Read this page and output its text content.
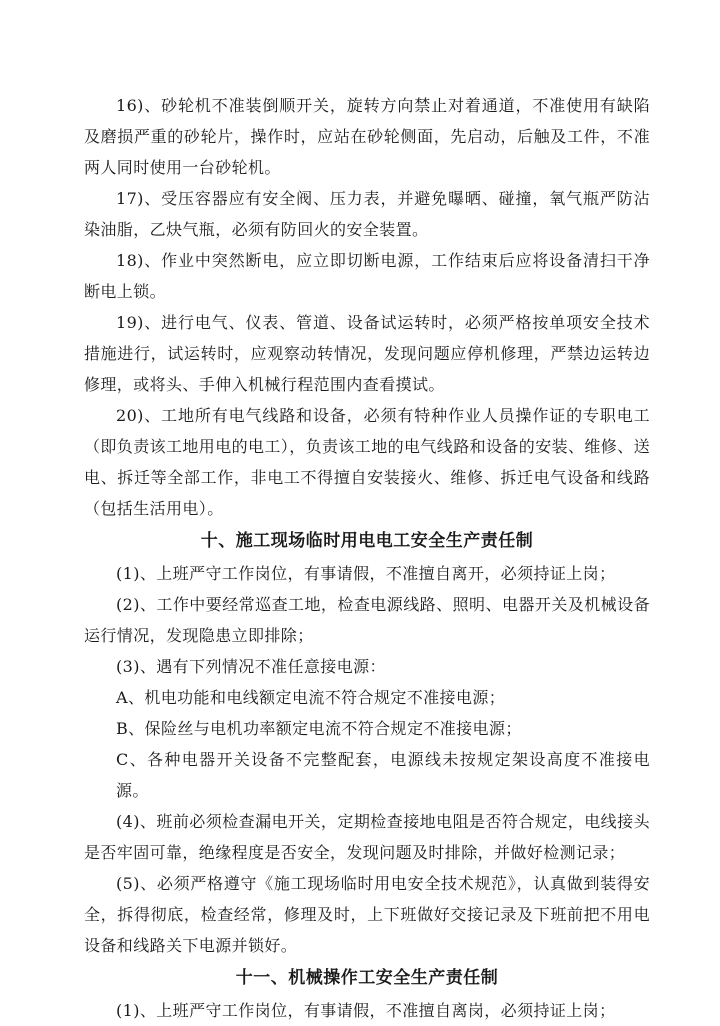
16)、砂轮机不准装倒顺开关，旋转方向禁止对着通道，不准使用有缺陷及磨损严重的砂轮片，操作时，应站在砂轮侧面，先启动，后触及工件，不准两人同时使用一台砂轮机。

17)、受压容器应有安全阀、压力表，并避免曝晒、碰撞，氧气瓶严防沾染油脂，乙炔气瓶，必须有防回火的安全装置。

18)、作业中突然断电，应立即切断电源，工作结束后应将设备清扫干净断电上锁。

19)、进行电气、仪表、管道、设备试运转时，必须严格按单项安全技术措施进行，试运转时，应观察动转情况，发现问题应停机修理，严禁边运转边修理，或将头、手伸入机械行程范围内查看摸试。

20)、工地所有电气线路和设备，必须有特种作业人员操作证的专职电工（即负责该工地用电的电工），负责该工地的电气线路和设备的安装、维修、送电、拆迁等全部工作，非电工不得擅自安装接火、维修、拆迁电气设备和线路（包括生活用电）。

十、施工现场临时用电电工安全生产责任制

(1)、上班严守工作岗位，有事请假，不准擅自离开，必须持证上岗；

(2)、工作中要经常巡查工地，检查电源线路、照明、电器开关及机械设备运行情况，发现隐患立即排除；

(3)、遇有下列情况不准任意接电源：

A、机电功能和电线额定电流不符合规定不准接电源；

B、保险丝与电机功率额定电流不符合规定不准接电源；

C、各种电器开关设备不完整配套，电源线未按规定架设高度不准接电源。

(4)、班前必须检查漏电开关，定期检查接地电阻是否符合规定，电线接头是否牢固可靠，绝缘程度是否安全，发现问题及时排除，并做好检测记录；

(5)、必须严格遵守《施工现场临时用电安全技术规范》，认真做到装得安全，拆得彻底，检查经常，修理及时，上下班做好交接记录及下班前把不用电设备和线路关下电源并锁好。

十一、机械操作工安全生产责任制

(1)、上班严守工作岗位，有事请假，不准擅自离岗，必须持证上岗；
